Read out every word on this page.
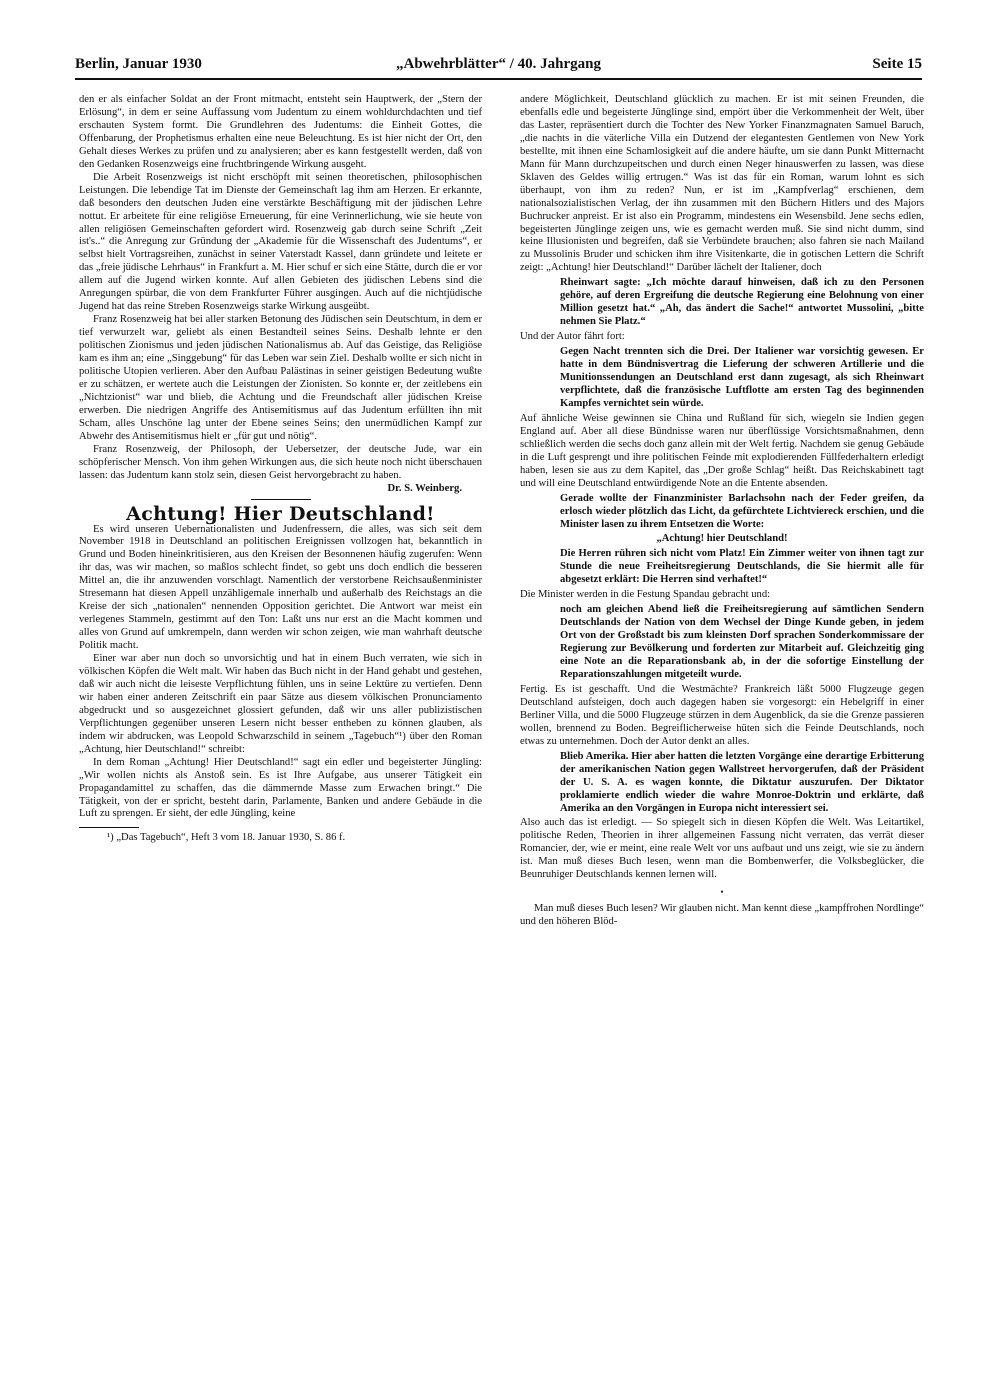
Berlin, Januar 1930	„Abwehrblätter“ / 40. Jahrgang	Seite 15

den er als einfacher Soldat an der Front mitmacht, entsteht sein Hauptwerk, der „Stern der Erlösung“, in dem er seine Auffassung vom Judentum zu einem wohldurchdachten und tief erschauten System formt. Die Grundlehren des Judentums: die Einheit Gottes, die Offenbarung, der Prophetismus erhalten eine neue Beleuchtung. Es ist hier nicht der Ort, den Gehalt dieses Werkes zu prüfen und zu analysieren; aber es kann festgestellt werden, daß von den Gedanken Rosenzweigs eine fruchtbringende Wirkung ausgeht.

Die Arbeit Rosenzweigs ist nicht erschöpft mit seinen theoretischen, philosophischen Leistungen. Die lebendige Tat im Dienste der Gemeinschaft lag ihm am Herzen. Er erkannte, daß besonders den deutschen Juden eine verstärkte Beschäftigung mit der jüdischen Lehre nottut. Er arbeitete für eine religiöse Erneuerung, für eine Verinnerlichung, wie sie heute von allen religiösen Gemeinschaften gefordert wird. Rosenzweig gab durch seine Schrift „Zeit ist's..“ die Anregung zur Gründung der „Akademie für die Wissenschaft des Judentums“, er selbst hielt Vortragsreihen, zunächst in seiner Vaterstadt Kassel, dann gründete und leitete er das „freie jüdische Lehrhaus“ in Frankfurt a. M. Hier schuf er sich eine Stätte, durch die er vor allem auf die Jugend wirken konnte. Auf allen Gebieten des jüdischen Lebens sind die Anregungen spürbar, die von dem Frankfurter Führer ausgingen. Auch auf die nichtjüdische Jugend hat das reine Streben Rosenzweigs starke Wirkung ausgeübt.

Franz Rosenzweig hat bei aller starken Betonung des Jüdischen sein Deutschtum, in dem er tief verwurzelt war, geliebt als einen Bestandteil seines Seins. Deshalb lehnte er den politischen Zionismus und jeden jüdischen Nationalismus ab. Auf das Geistige, das Religiöse kam es ihm an; eine „Singgebung“ für das Leben war sein Ziel. Deshalb wollte er sich nicht in politische Utopien verlieren. Aber den Aufbau Palästinas in seiner geistigen Bedeutung wußte er zu schätzen, er wertete auch die Leistungen der Zionisten. So konnte er, der zeitlebens ein „Nichtzionist“ war und blieb, die Achtung und die Freundschaft aller jüdischen Kreise erwerben. Die niedrigen Angriffe des Antisemitismus auf das Judentum erfüllten ihn mit Scham, alles Unschöne lag unter der Ebene seines Seins; den unermüdlichen Kampf zur Abwehr des Antisemitismus hielt er „für gut und nötig“.

Franz Rosenzweig, der Philosoph, der Uebersetzer, der deutsche Jude, war ein schöpferischer Mensch. Von ihm gehen Wirkungen aus, die sich heute noch nicht überschauen lassen: das Judentum kann stolz sein, diesen Geist hervorgebracht zu haben.

Dr. S. Weinberg.

Achtung! Hier Deutschland!

Es wird unseren Uebernationalisten und Judenfressern, die alles, was sich seit dem November 1918 in Deutschland an politischen Ereignissen vollzogen hat, bekanntlich in Grund und Boden hineinkritisieren, aus den Kreisen der Besonnenen häufig zugerufen: Wenn ihr das, was wir machen, so maßlos schlecht findet, so gebt uns doch endlich die besseren Mittel an, die ihr anzuwenden vorschlagt. Namentlich der verstorbene Reichsaußenminister Stresemann hat diesen Appell unzähligemale innerhalb und außerhalb des Reichstags an die Kreise der sich „nationalen“ nennenden Opposition gerichtet. Die Antwort war meist ein verlegenes Stammeln, gestimmt auf den Ton: Laßt uns nur erst an die Macht kommen und alles von Grund auf umkrempeln, dann werden wir schon zeigen, wie man wahrhaft deutsche Politik macht.

Einer war aber nun doch so unvorsichtig und hat in einem Buch verraten, wie sich in völkischen Köpfen die Welt malt. Wir haben das Buch nicht in der Hand gehabt und gestehen, daß wir auch nicht die leiseste Verpflichtung fühlen, uns in seine Lektüre zu vertiefen. Denn wir haben einer anderen Zeitschrift ein paar Sätze aus diesem völkischen Pronunciamento abgedruckt und so ausgezeichnet glossiert gefunden, daß wir uns aller publizistischen Verpflichtungen gegenüber unseren Lesern nicht besser entheben zu können glauben, als indem wir abdrucken, was Leopold Schwarzschild in seinem „Tagebuch“¹) über den Roman „Achtung, hier Deutschland!“ schreibt:

In dem Roman „Achtung! Hier Deutschland!“ sagt ein edler und begeisterter Jüngling: „Wir wollen nichts als Anstoß sein. Es ist Ihre Aufgabe, aus unserer Tätigkeit ein Propagandamittel zu schaffen, das die dämmernde Masse zum Erwachen bringt.“ Die Tätigkeit, von der er spricht, besteht darin, Parlamente, Banken und andere Gebäude in die Luft zu sprengen. Er sieht, der edle Jüngling, keine

¹) „Das Tagebuch“, Heft 3 vom 18. Januar 1930, S. 86 f.

andere Möglichkeit, Deutschland glücklich zu machen. Er ist mit seinen Freunden, die ebenfalls edle und begeisterte Jünglinge sind, empört über die Verkommenheit der Welt, über das Laster, repräsentiert durch die Tochter des New Yorker Finanzmagnaten Samuel Baruch, „die nachts in die väterliche Villa ein Dutzend der elegantesten Gentlemen von New York bestellte, mit ihnen eine Schamlosigkeit auf die andere häufte, um sie dann Punkt Mitternacht Mann für Mann durchzupeitschen und durch einen Neger hinauswerfen zu lassen, was diese Sklaven des Geldes willig ertrugen.“ Was ist das für ein Roman, warum lohnt es sich überhaupt, von ihm zu reden? Nun, er ist im „Kampfverlag“ erschienen, dem nationalsozialistischen Verlag, der ihn zusammen mit den Büchern Hitlers und des Majors Buchrucker anpreist. Er ist also ein Programm, mindestens ein Wesensbild. Jene sechs edlen, begeisterten Jünglinge zeigen uns, wie es gemacht werden muß. Sie sind nicht dumm, sind keine Illusionisten und begreifen, daß sie Verbündete brauchen; also fahren sie nach Mailand zu Mussolinis Bruder und schicken ihm ihre Visitenkarte, die in gotischen Lettern die Schrift zeigt: „Achtung! hier Deutschland!“ Darüber lächelt der Italiener, doch

Rheinwart sagte: „Ich möchte darauf hinweisen, daß ich zu den Personen gehöre, auf deren Ergreifung die deutsche Regierung eine Belohnung von einer Million gesetzt hat.“ „Ah, das ändert die Sache!“ antwortet Mussolini, „bitte nehmen Sie Platz.“

Und der Autor fährt fort:

Gegen Nacht trennten sich die Drei. Der Italiener war vorsichtig gewesen. Er hatte in dem Bündnisvertrag die Lieferung der schweren Artillerie und die Munitionssendungen an Deutschland erst dann zugesagt, als sich Rheinwart verpflichtete, daß die französische Luftflotte am ersten Tag des beginnenden Kampfes vernichtet sein würde.

Auf ähnliche Weise gewinnen sie China und Rußland für sich, wiegeln sie Indien gegen England auf. Aber all diese Bündnisse waren nur überflüssige Vorsichtsmaßnahmen, denn schließlich werden die sechs doch ganz allein mit der Welt fertig. Nachdem sie genug Gebäude in die Luft gesprengt und ihre politischen Feinde mit explodierenden Füllfederhaltern erledigt haben, lesen sie aus zu dem Kapitel, das „Der große Schlag“ heißt. Das Reichskabinett tagt und will eine Deutschland entwürdigende Note an die Entente absenden.

Gerade wollte der Finanzminister Barlachsohn nach der Feder greifen, da erlosch wieder plötzlich das Licht, da gefürchtete Lichtviereck erschien, und die Minister lasen zu ihrem Entsetzen die Worte:

„Achtung! hier Deutschland!

Die Herren rühren sich nicht vom Platz! Ein Zimmer weiter von ihnen tagt zur Stunde die neue Freiheitsregierung Deutschlands, die Sie hiermit alle für abgesetzt erklärt: Die Herren sind verhaftet!“

Die Minister werden in die Festung Spandau gebracht und:

noch am gleichen Abend ließ die Freiheitsregierung auf sämtlichen Sendern Deutschlands der Nation von dem Wechsel der Dinge Kunde geben, in jedem Ort von der Großstadt bis zum kleinsten Dorf sprachen Sonderkommissare der Regierung zur Bevölkerung und forderten zur Mitarbeit auf. Gleichzeitig ging eine Note an die Reparationsbank ab, in der die sofortige Einstellung der Reparationszahlungen mitgeteilt wurde.

Fertig. Es ist geschafft. Und die Westmächte? Frankreich läßt 5000 Flugzeuge gegen Deutschland aufsteigen, doch auch dagegen haben sie vorgesorgt: ein Hebelgriff in einer Berliner Villa, und die 5000 Flugzeuge stürzen in dem Augenblick, da sie die Grenze passieren wollen, brennend zu Boden. Begreiflicherweise hüten sich die Feinde Deutschlands, noch etwas zu unternehmen. Doch der Autor denkt an alles.

Blieb Amerika. Hier aber hatten die letzten Vorgänge eine derartige Erbitterung der amerikanischen Nation gegen Wallstreet hervorgerufen, daß der Präsident der U. S. A. es wagen konnte, die Diktatur auszurufen. Der Diktator proklamierte endlich wieder die wahre Monroe-Doktrin und erklärte, daß Amerika an den Vorgängen in Europa nicht interessiert sei.

Also auch das ist erledigt. — So spiegelt sich in diesen Köpfen die Welt. Was Leitartikel, politische Reden, Theorien in ihrer allgemeinen Fassung nicht verraten, das verrät dieser Romancier, der, wie er meint, eine reale Welt vor uns aufbaut und uns zeigt, wie sie zu ändern ist. Man muß dieses Buch lesen, wenn man die Bombenwerfer, die Volksbeglücker, die Beunruhiger Deutschlands kennen lernen will.

•

Man muß dieses Buch lesen? Wir glauben nicht. Man kennt diese „kampffrohen Nordlinge“ und den höheren Blöd-
